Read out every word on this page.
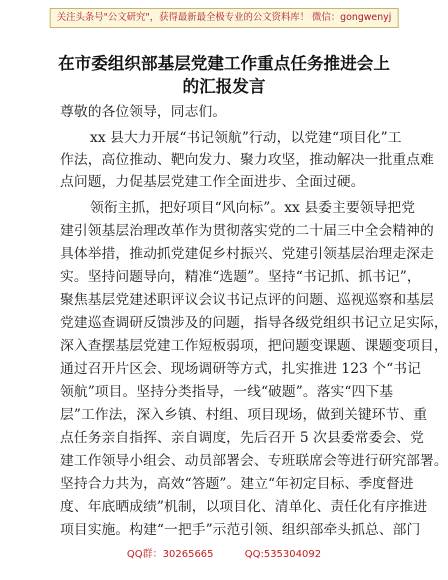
关注头条号"公文研究"，获得最新最全极专业的公文资料库！ 微信：gongwenyj
在市委组织部基层党建工作重点任务推进会上
的汇报发言
尊敬的各位领导，同志们。
xx 县大力开展“书记领航”行动，以党建“项目化”工
作法，高位推动、靶向发力、聚力攻坚，推动解决一批重点难
点问题，力促基层党建工作全面进步、全面过硬。
领衔主抓，把好项目“风向标”。xx 县委主要领导把党
建引领基层治理改革作为贯彻落实党的二十届三中全会精神的
具体举措，推动抓党建促乡村振兴、党建引领基层治理走深走
实。坚持问题导向，精准“选题”。坚持“书记抓、抓书记”，
聚焦基层党建述职评议会议书记点评的问题、巡视巡察和基层
党建巡查调研反馈涉及的问题，指导各级党组织书记立足实际，
深入查摆基层党建工作短板弱项，把问题变课题、课题变项目，
通过召开片区会、现场调研等方式，扎实推进 123 个“书记
领航”项目。坚持分类指导，一线“破题”。落实“四下基
层”工作法，深入乡镇、村组、项目现场，做到关键环节、重
点任务亲自指挥、亲自调度，先后召开 5 次县委常委会、党
建工作领导小组会、动员部署会、专班联席会等进行研究部署。
坚持合力共为，高效“答题”。建立“年初定目标、季度督进
度、年底晒成绩”机制，以项目化、清单化、责任化有序推进
项目实施。构建“一把手”示范引领、组织部牵头抓总、部门
QQ群：30265665	QQ:535304092
